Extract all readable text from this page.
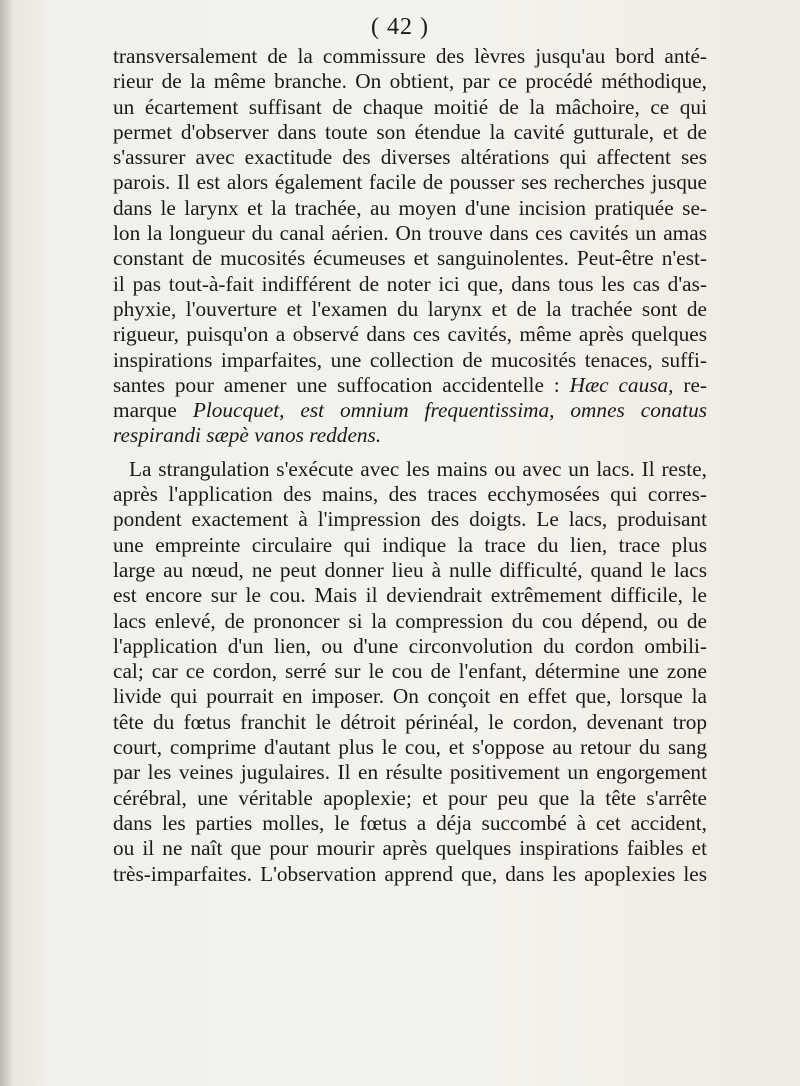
( 42 )
transversalement de la commissure des lèvres jusqu'au bord anté-
rieur de la même branche. On obtient, par ce procédé méthodique,
un écartement suffisant de chaque moitié de la mâchoire, ce qui
permet d'observer dans toute son étendue la cavité gutturale, et de
s'assurer avec exactitude des diverses altérations qui affectent ses
parois. Il est alors également facile de pousser ses recherches jusque
dans le larynx et la trachée, au moyen d'une incision pratiquée se-
lon la longueur du canal aérien. On trouve dans ces cavités un amas
constant de mucosités écumeuses et sanguinolentes. Peut-être n'est-
il pas tout-à-fait indifférent de noter ici que, dans tous les cas d'as-
phyxie, l'ouverture et l'examen du larynx et de la trachée sont de
rigueur, puisqu'on a observé dans ces cavités, même après quelques
inspirations imparfaites, une collection de mucosités tenaces, suffi-
santes pour amener une suffocation accidentelle : Hæc causa, re-
marque Ploucquet, est omnium frequentissima, omnes conatus
respirandi sæpè vanos reddens.
La strangulation s'exécute avec les mains ou avec un lacs. Il reste,
après l'application des mains, des traces ecchymosées qui corres-
pondent exactement à l'impression des doigts. Le lacs, produisant
une empreinte circulaire qui indique la trace du lien, trace plus
large au nœud, ne peut donner lieu à nulle difficulté, quand le lacs
est encore sur le cou. Mais il deviendrait extrêmement difficile, le
lacs enlevé, de prononcer si la compression du cou dépend, ou de
l'application d'un lien, ou d'une circonvolution du cordon ombili-
cal; car ce cordon, serré sur le cou de l'enfant, détermine une zone
livide qui pourrait en imposer. On conçoit en effet que, lorsque la
tête du fœtus franchit le détroit périnéal, le cordon, devenant trop
court, comprime d'autant plus le cou, et s'oppose au retour du sang
par les veines jugulaires. Il en résulte positivement un engorgement
cérébral, une véritable apoplexie; et pour peu que la tête s'arrête
dans les parties molles, le fœtus a déja succombé à cet accident,
ou il ne naît que pour mourir après quelques inspirations faibles et
très-imparfaites. L'observation apprend que, dans les apoplexies les
